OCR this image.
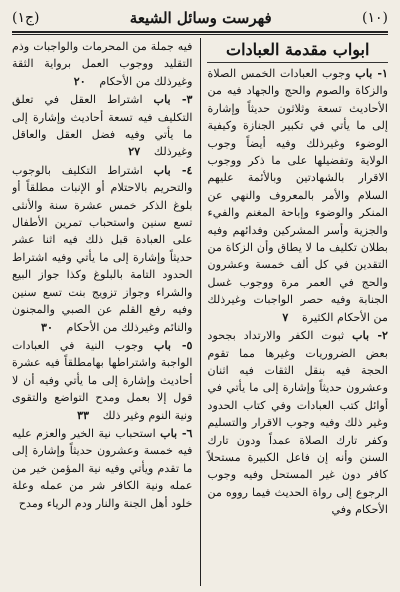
(ج١)	فهرست وسائل الشيعة	(١٠)
ابواب مقدمة العبادات

١- باب وجوب العبادات الخمس الصلاة والزكاة والصوم والحج والجهاد فيه من الأحاديث تسعة وثلاثون حديثاً وإشارة إلى ما يأتي في تكبير الجنازة وكيفية الوضوء وغيرذلك وفيه أيضاً وجوب الولاية وتفضيلها على ما ذكر ووجوب الاقرار بالشهادتين وبالأئمة عليهم السلام والأمر بالمعروف والنهي عن المنكر والوضوء وإباحة المغنم والفيء والجزية وأسر المشركين وفدائهم وفيه بطلان تكليف ما لا يطاق وأن الزكاة من التقدين في كل ألف خمسة وعشرون والحج في العمر مرة ووجوب غسل الجنابة وفيه حصر الواجبات وغيرذلك من الأحكام الكثيرة ٧

٢- باب ثبوت الكفر والارتداد بجحود بعض الضروريات وغيرها مما تقوم الحجة فيه بنقل الثقات فيه اثنان وعشرون حديثاً وإشارة إلى ما يأتي في أوائل كتب العبادات وفي كتاب الحدود وغير ذلك وفيه وجوب الاقرار والتسليم وكفر تارك الصلاة عمداً ودون تارك السنن وأنه إن فاعل الكبيرة مستحلاً كافر دون غير المستحل وفيه وجوب الرجوع إلى رواة الحديث فيما رووه من الأحكام وفي

فيه جملة من المحرمات والواجبات وذم التقليد ووجوب العمل برواية الثقة وغيرذلك من الأحكام ٢٠

٣- باب اشتراط العقل في تعلق التكليف فيه تسعة أحاديث وإشارة إلى ما يأتي وفيه فضل العقل والعاقل وغيرذلك ٢٧

٤- باب اشتراط التكليف بالوجوب والتحريم بالاحتلام أو الإنبات مطلقاً أو بلوغ الذكر خمس عشرة سنة والأنثى تسع سنين واستحباب تمرين الأطفال على العبادة قبل ذلك فيه اثنا عشر حديثاً وإشارة إلى ما يأتي وفيه اشتراط الحدود التامة بالبلوغ وكذا جواز البيع والشراء وجواز تزويج بنت تسع سنين وفيه رفع القلم عن الصبي والمجنون والنائم وغيرذلك من الأحكام ٣٠

٥- باب وجوب النية في العبادات الواجبة واشتراطها بهامطلقاً فيه عشرة أحاديث وإشارة إلى ما يأتي وفيه أن لا قول إلا بعمل ومدح التواضع والتقوى ونية النوم وغير ذلك ٣٣

٦- باب استحباب نية الخير والعزم عليه فيه خمسة وعشرون حديثاً وإشارة إلى ما تقدم ويأتي وفيه نية المؤمن خير من عمله ونية الكافر شر من عمله وعلة خلود أهل الجنة والنار ودم الرياء ومدح
